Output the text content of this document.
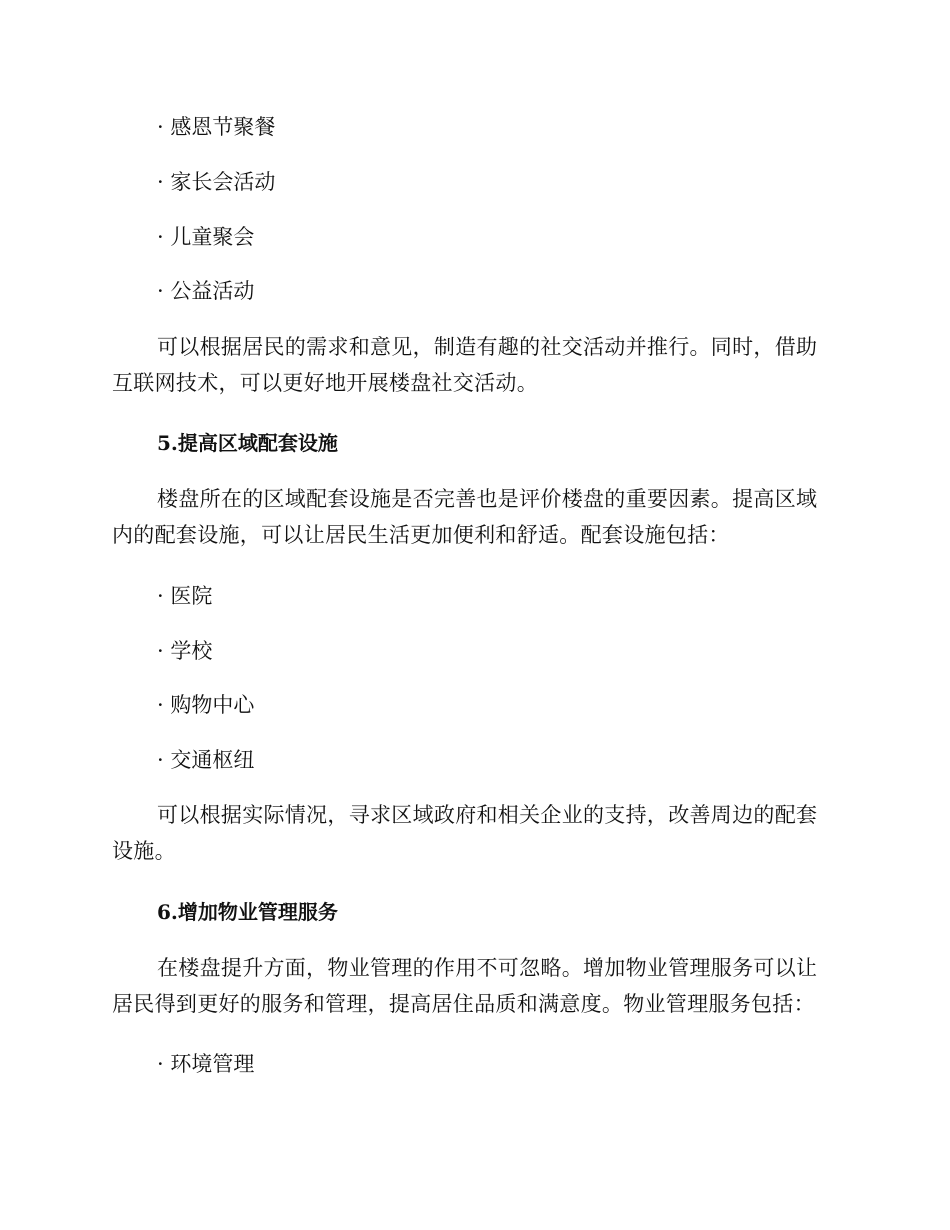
· 感恩节聚餐
· 家长会活动
· 儿童聚会
· 公益活动
可以根据居民的需求和意见，制造有趣的社交活动并推行。同时，借助互联网技术，可以更好地开展楼盘社交活动。
5.提高区域配套设施
楼盘所在的区域配套设施是否完善也是评价楼盘的重要因素。提高区域内的配套设施，可以让居民生活更加便利和舒适。配套设施包括：
· 医院
· 学校
· 购物中心
· 交通枢纽
可以根据实际情况，寻求区域政府和相关企业的支持，改善周边的配套设施。
6.增加物业管理服务
在楼盘提升方面，物业管理的作用不可忽略。增加物业管理服务可以让居民得到更好的服务和管理，提高居住品质和满意度。物业管理服务包括：
· 环境管理
